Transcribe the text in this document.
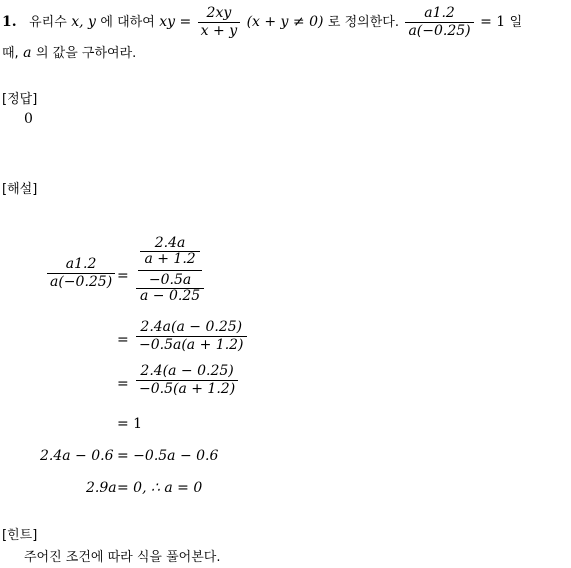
1. 유리수 x, y 에 대하여 xy = $\frac{2xy}{x + y} (x + y \ne 0)$ 로 정의한다. $\frac{a1.2}{a(-0.25)} = 1$ 일
때, a 의 값을 구하여라.
[정답]
0
[해설]
$\frac{a1.2}{a(-0.25)}$ =
$\frac{2.4a}{a + 1.2}$
$\frac{-0.5a}{a - 0.25}$
= $\frac{2.4a(a - 0.25)}{-0.5a(a + 1.2)}$
= $\frac{2.4(a - 0.25)}{-0.5(a + 1.2)}$
= 1
2.4a − 0.6 = −0.5a − 0.6
2.9a = 0, ∴ a = 0
[힌트]
주어진 조건에 따라 식을 풀어본다.
